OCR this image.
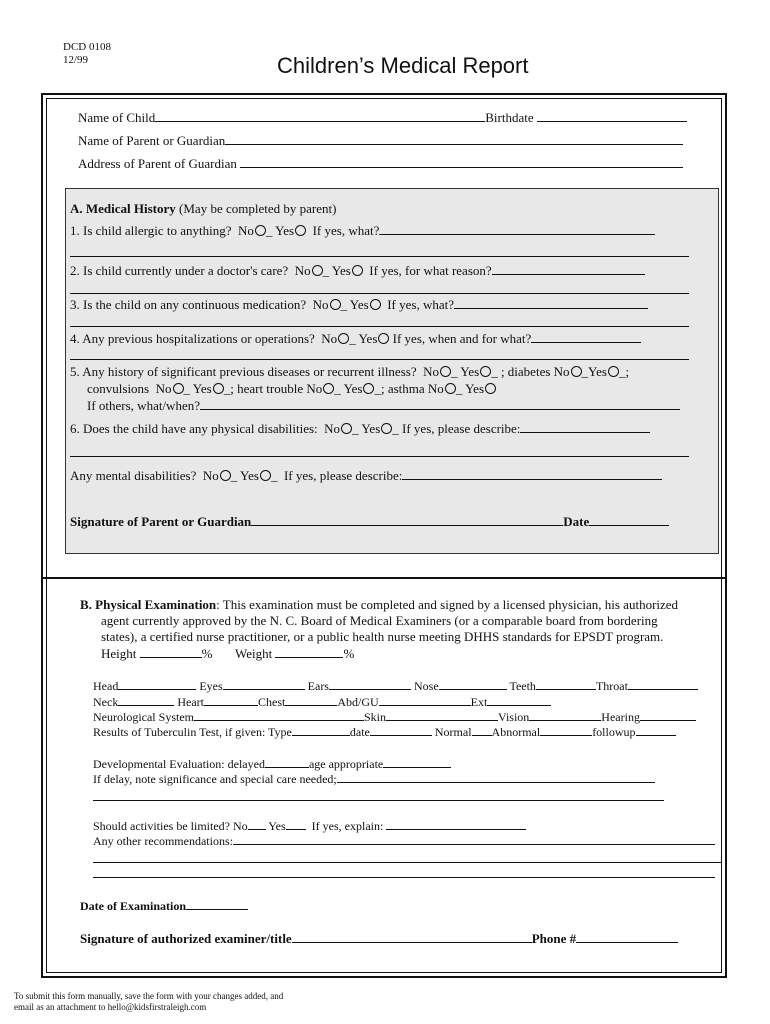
DCD 0108
12/99	Children’s Medical Report
Name of Child	Birthdate
Name of Parent or Guardian
Address of Parent of Guardian
A. Medical History (May be completed by parent)
1. Is child allergic to anything? No _ Yes If yes, what?
2. Is child currently under a doctor's care? No _ Yes If yes, for what reason?
3. Is the child on any continuous medication? No _ Yes If yes, what?
4. Any previous hospitalizations or operations? No _ Yes If yes, when and for what?
5. Any history of significant previous diseases or recurrent illness? No _ Yes _ ; diabetes No _Yes _;
convulsions No _ Yes _; heart trouble No _ Yes _; asthma No _ Yes
If others, what/when?
6. Does the child have any physical disabilities: No _ Yes _ If yes, please describe:
Any mental disabilities? No _ Yes _  If yes, please describe:
Signature of Parent or Guardian	Date
B. Physical Examination: This examination must be completed and signed by a licensed physician, his authorized
agent currently approved by the N. C. Board of Medical Examiners (or a comparable board from bordering
states), a certified nurse practitioner, or a public health nurse meeting DHHS standards for EPSDT program.
Height	% Weight	%
Head	Eyes	Ears	Nose	Teeth	Throat
Neck	Heart	Chest	Abd/GU	Ext
Neurological System	Skin	Vision	Hearing
Results of Tuberculin Test, if given: Type	date	Normal Abnormal	followup
Developmental Evaluation: delayed	age appropriate
If delay, note significance and special care needed;
Should activities be limited? No Yes If yes, explain:
Any other recommendations:
Date of Examination
Signature of authorized examiner/title	Phone #
To submit this form manually, save the form with your changes added, and
email as an attachment to hello@kidsfirstraleigh.com
